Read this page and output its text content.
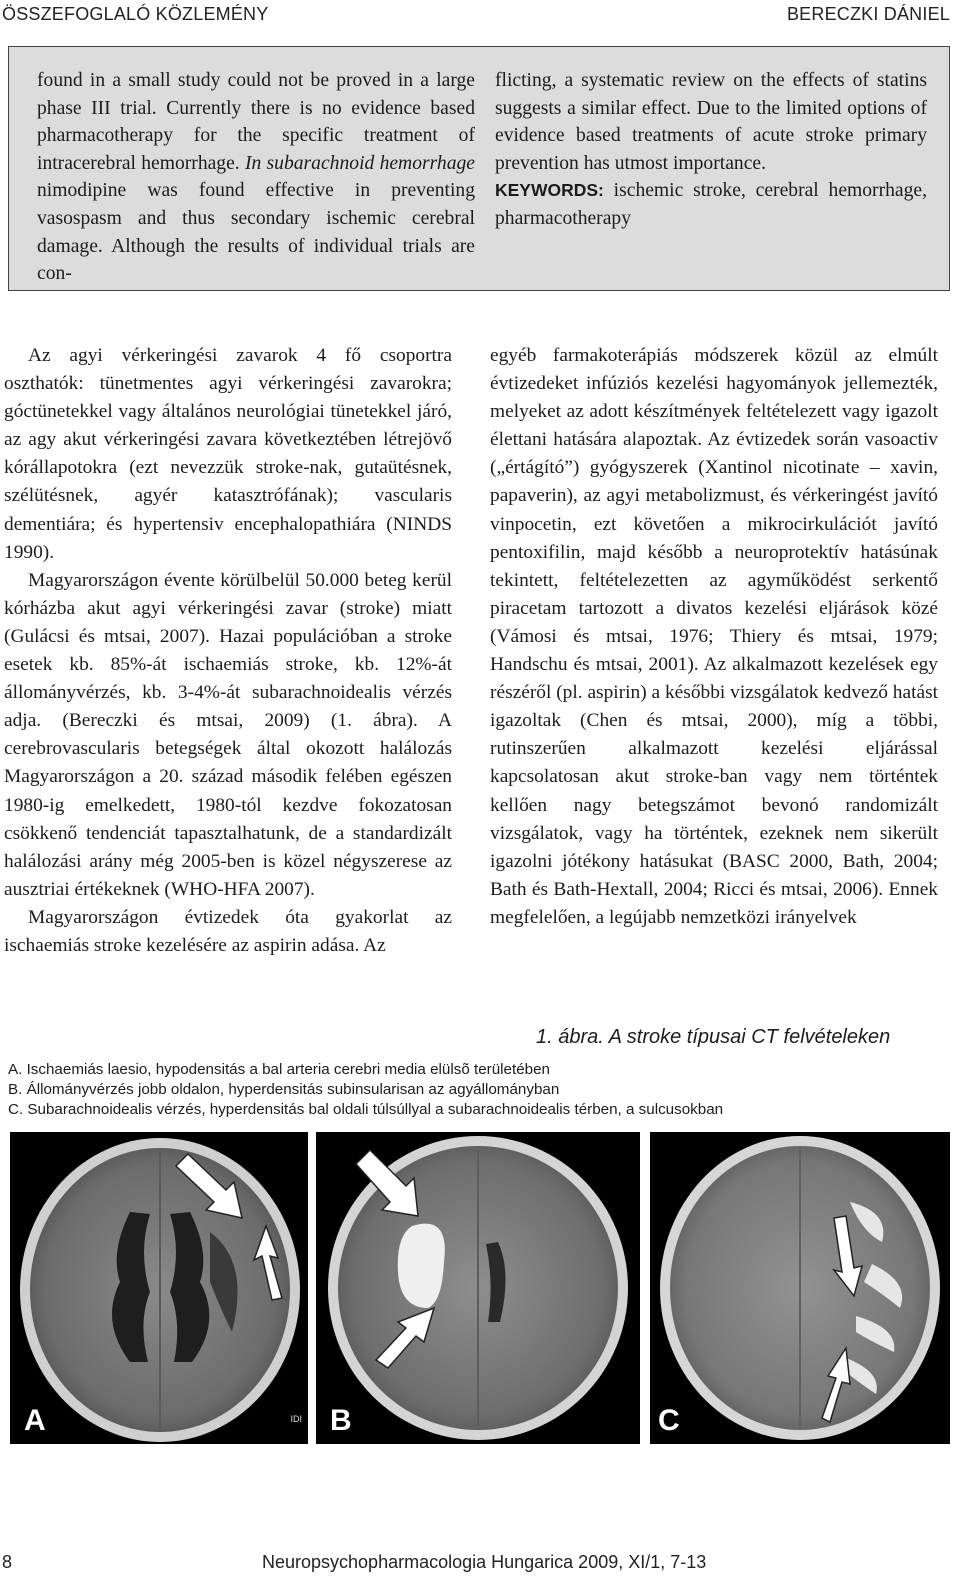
ÖSSZEFOGLALÓ KÖZLEMÉNY	BERECZKI DÁNIEL
found in a small study could not be proved in a large phase III trial. Currently there is no evidence based pharmacotherapy for the specific treatment of intracerebral hemorrhage. In subarachnoid hemorrhage nimodipine was found effective in preventing vasospasm and thus secondary ischemic cerebral damage. Although the results of individual trials are con-
flicting, a systematic review on the effects of statins suggests a similar effect. Due to the limited options of evidence based treatments of acute stroke primary prevention has utmost importance.
KEYWORDS: ischemic stroke, cerebral hemorrhage, pharmacotherapy

Az agyi vérkeringési zavarok 4 fő csoportra oszthatók: tünetmentes agyi vérkeringési zavarokra; góctünetekkel vagy általános neurológiai tünetekkel járó, az agy akut vérkeringési zavara következtében létrejövő kórállapotokra (ezt nevezzük stroke-nak, gutaütésnek, szélütésnek, agyér katasztrófának); vascularis dementiára; és hypertensiv encephalopathiára (NINDS 1990).

Magyarországon évente körülbelül 50.000 beteg kerül kórházba akut agyi vérkeringési zavar (stroke) miatt (Gulácsi és mtsai, 2007). Hazai populációban a stroke esetek kb. 85%-át ischaemiás stroke, kb. 12%-át állományvérzés, kb. 3-4%-át subarachnoidealis vérzés adja. (Bereczki és mtsai, 2009) (1. ábra). A cerebrovascularis betegségek által okozott halálozás Magyarországon a 20. század második felében egészen 1980-ig emelkedett, 1980-tól kezdve fokozatosan csökkenő tendenciát tapasztalhatunk, de a standardizált halálozási arány még 2005-ben is közel négyszerese az ausztriai értékeknek (WHO-HFA 2007).

Magyarországon évtizedek óta gyakorlat az ischaemiás stroke kezelésére az aspirin adása. Az

egyéb farmakoterápiás módszerek közül az elmúlt évtizedeket infúziós kezelési hagyományok jellemezték, melyeket az adott készítmények feltételezett vagy igazolt élettani hatására alapoztak. Az évtizedek során vasoactiv („értágító”) gyógyszerek (Xantinol nicotinate – xavin, papaverin), az agyi metabolizmust, és vérkeringést javító vinpocetin, ezt követően a mikrocirkulációt javító pentoxifilin, majd később a neuroprotektív hatásúnak tekintett, feltételezetten az agyműködést serkentő piracetam tartozott a divatos kezelési eljárások közé (Vámosi és mtsai, 1976; Thiery és mtsai, 1979; Handschu és mtsai, 2001). Az alkalmazott kezelések egy részéről (pl. aspirin) a későbbi vizsgálatok kedvező hatást igazoltak (Chen és mtsai, 2000), míg a többi, rutinszerűen alkalmazott kezelési eljárással kapcsolatosan akut stroke-ban vagy nem történtek kellően nagy betegszámot bevonó randomizált vizsgálatok, vagy ha történtek, ezeknek nem sikerült igazolni jótékony hatásukat (BASC 2000, Bath, 2004; Bath és Bath-Hextall, 2004; Ricci és mtsai, 2006). Ennek megfelelően, a legújabb nemzetközi irányelvek

1. ábra. A stroke típusai CT felvételeken
A. Ischaemiás laesio, hypodensitás a bal arteria cerebri media elülsõ területében
B. Állományvérzés jobb oldalon, hyperdensitás subinsularisan az agyállományban
C. Subarachnoidealis vérzés, hyperdensitás bal oldali túlsúllyal a subarachnoidealis térben, a sulcusokban
A	IDI B	C
8	Neuropsychopharmacologia Hungarica 2009, XI/1, 7-13
